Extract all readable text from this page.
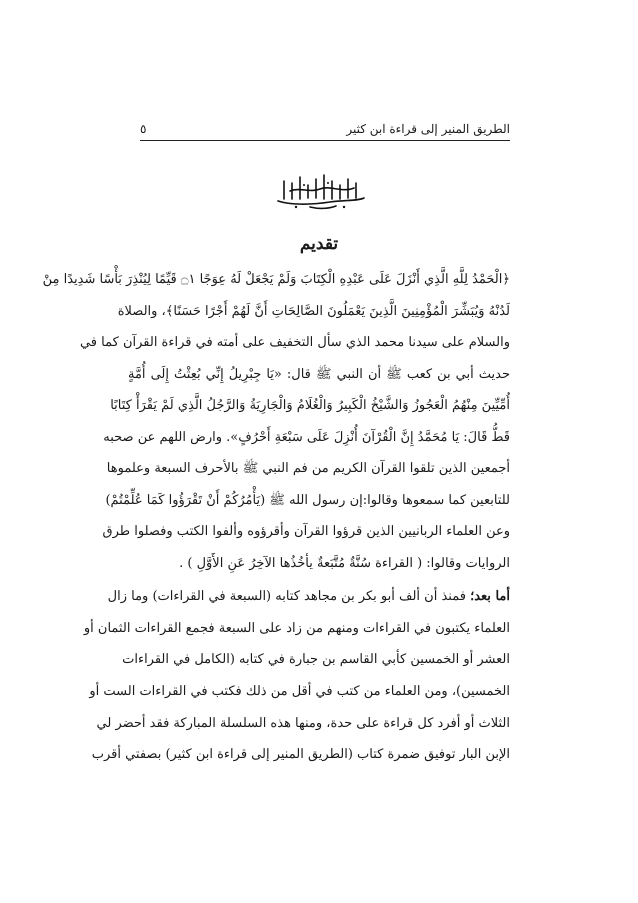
الطريق المنير إلى قراءة ابن كثير
٥
تقديم
﴿الْحَمْدُ لِلَّهِ الَّذِي أَنْزَلَ عَلَى عَبْدِهِ الْكِتَابَ وَلَمْ يَجْعَلْ لَهُ عِوَجًا ۝١ قَيِّمًا لِيُنْذِرَ بَأْسًا شَدِيدًا مِنْ
لَدُنْهُ وَيُبَشِّرَ الْمُؤْمِنِينَ الَّذِينَ يَعْمَلُونَ الصَّالِحَاتِ أَنَّ لَهُمْ أَجْرًا حَسَنًا﴾، والصلاة
والسلام على سيدنا محمد الذي سأل التخفيف على أمته في قراءة القرآن كما في
حديث أبي بن كعب ﷺ أن النبي ﷺ قال: «يَا جِبْرِيلُ إِنِّي بُعِثْتُ إِلَى أُمَّةٍ
أُمِّيِّينَ مِنْهُمُ الْعَجُوزُ وَالشَّيْخُ الْكَبِيرُ وَالْغُلَامُ وَالْجَارِيَةُ وَالرَّجُلُ الَّذِي لَمْ يَقْرَأْ كِتَابًا
قَطُّ قَالَ: يَا مُحَمَّدُ إِنَّ الْقُرْآنَ أُنْزِلَ عَلَى سَبْعَةِ أَحْرُفٍ». وارض اللهم عن صحبه
أجمعين الذين تلقوا القرآن الكريم من فم النبي ﷺ بالأحرف السبعة وعلموها
للتابعين كما سمعوها وقالوا:إن رسول الله ﷺ (يَأْمُرُكُمْ أَنْ تَقْرَؤُوا كَمَا عُلِّمْتُمْ)
وعن العلماء الربانيين الذين قرؤوا القرآن وأقرؤوه وألفوا الكتب وفصلوا طرق
الروايات وقالوا: ( القراءة سُنَّةٌ مُتَّبَعةٌ يأخُذُها الآخِرُ عَنِ الأَوَّلِ ) .
أما بعد؛ فمنذ أن ألف أبو بكر بن مجاهد كتابه (السبعة في القراءات) وما زال
العلماء يكتبون في القراءات ومنهم من زاد على السبعة فجمع القراءات الثمان أو
العشر أو الخمسين كأبي القاسم بن جبارة في كتابه (الكامل في القراءات
الخمسين)، ومن العلماء من كتب في أقل من ذلك فكتب في القراءات الست أو
الثلاث أو أفرد كل قراءة على حدة، ومنها هذه السلسلة المباركة فقد أحضر لي
الإبن البار توفيق ضمرة كتاب (الطريق المنير إلى قراءة ابن كثير) بصفتي أقرب
